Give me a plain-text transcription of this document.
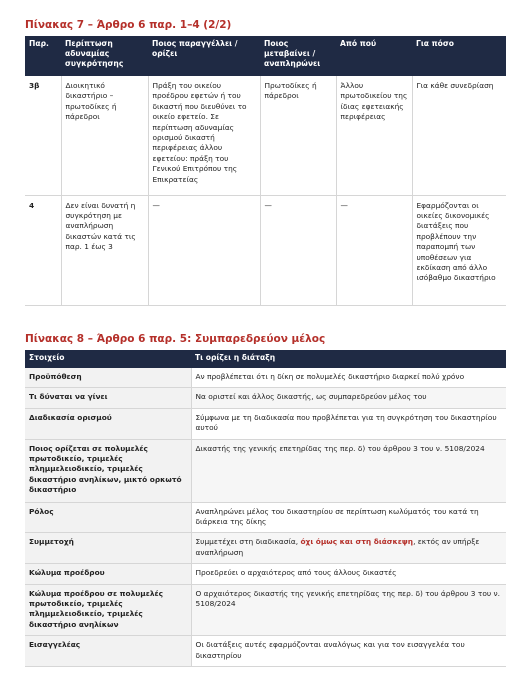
Πίνακας 7 – Άρθρο 6 παρ. 1–4 (2/2)
Παρ.	Περίπτωση αδυναμίας συγκρότησης	Ποιος παραγγέλλει / ορίζει	Ποιος μεταβαίνει / αναπληρώνει	Από πού	Για πόσο
3β	Διοικητικό δικαστήριο – πρωτοδίκες ή πάρεδροι	Πράξη του οικείου προέδρου εφετών ή του δικαστή που διευθύνει το οικείο εφετείο. Σε περίπτωση αδυναμίας ορισμού δικαστή περιφέρειας άλλου εφετείου: πράξη του Γενικού Επιτρόπου της Επικρατείας	Πρωτοδίκες ή πάρεδροι	Άλλου πρωτοδικείου της ίδιας εφετειακής περιφέρειας	Για κάθε συνεδρίαση
4	Δεν είναι δυνατή η συγκρότηση με αναπλήρωση δικαστών κατά τις παρ. 1 έως 3	—	—	—	Εφαρμόζονται οι οικείες δικονομικές διατάξεις που προβλέπουν την παραπομπή των υποθέσεων για εκδίκαση από άλλο ισόβαθμο δικαστήριο
Πίνακας 8 – Άρθρο 6 παρ. 5: Συμπαρεδρεύον μέλος
Στοιχείο	Τι ορίζει η διάταξη
Προϋπόθεση	Αν προβλέπεται ότι η δίκη σε πολυμελές δικαστήριο διαρκεί πολύ χρόνο
Τι δύναται να γίνει	Να οριστεί και άλλος δικαστής, ως συμπαρεδρεύον μέλος του
Διαδικασία ορισμού	Σύμφωνα με τη διαδικασία που προβλέπεται για τη συγκρότηση του δικαστηρίου αυτού
Ποιος ορίζεται σε πολυμελές πρωτοδικείο, τριμελές πλημμελειοδικείο, τριμελές δικαστήριο ανηλίκων, μικτό ορκωτό δικαστήριο	Δικαστής της γενικής επετηρίδας της περ. δ) του άρθρου 3 του ν. 5108/2024
Ρόλος	Αναπληρώνει μέλος του δικαστηρίου σε περίπτωση κωλύματός του κατά τη διάρκεια της δίκης
Συμμετοχή	Συμμετέχει στη διαδικασία, όχι όμως και στη διάσκεψη, εκτός αν υπήρξε αναπλήρωση
Κώλυμα προέδρου	Προεδρεύει ο αρχαιότερος από τους άλλους δικαστές
Κώλυμα προέδρου σε πολυμελές πρωτοδικείο, τριμελές πλημμελειοδικείο, τριμελές δικαστήριο ανηλίκων	Ο αρχαιότερος δικαστής της γενικής επετηρίδας της περ. δ) του άρθρου 3 του ν. 5108/2024
Εισαγγελέας	Οι διατάξεις αυτές εφαρμόζονται αναλόγως και για τον εισαγγελέα του δικαστηρίου
